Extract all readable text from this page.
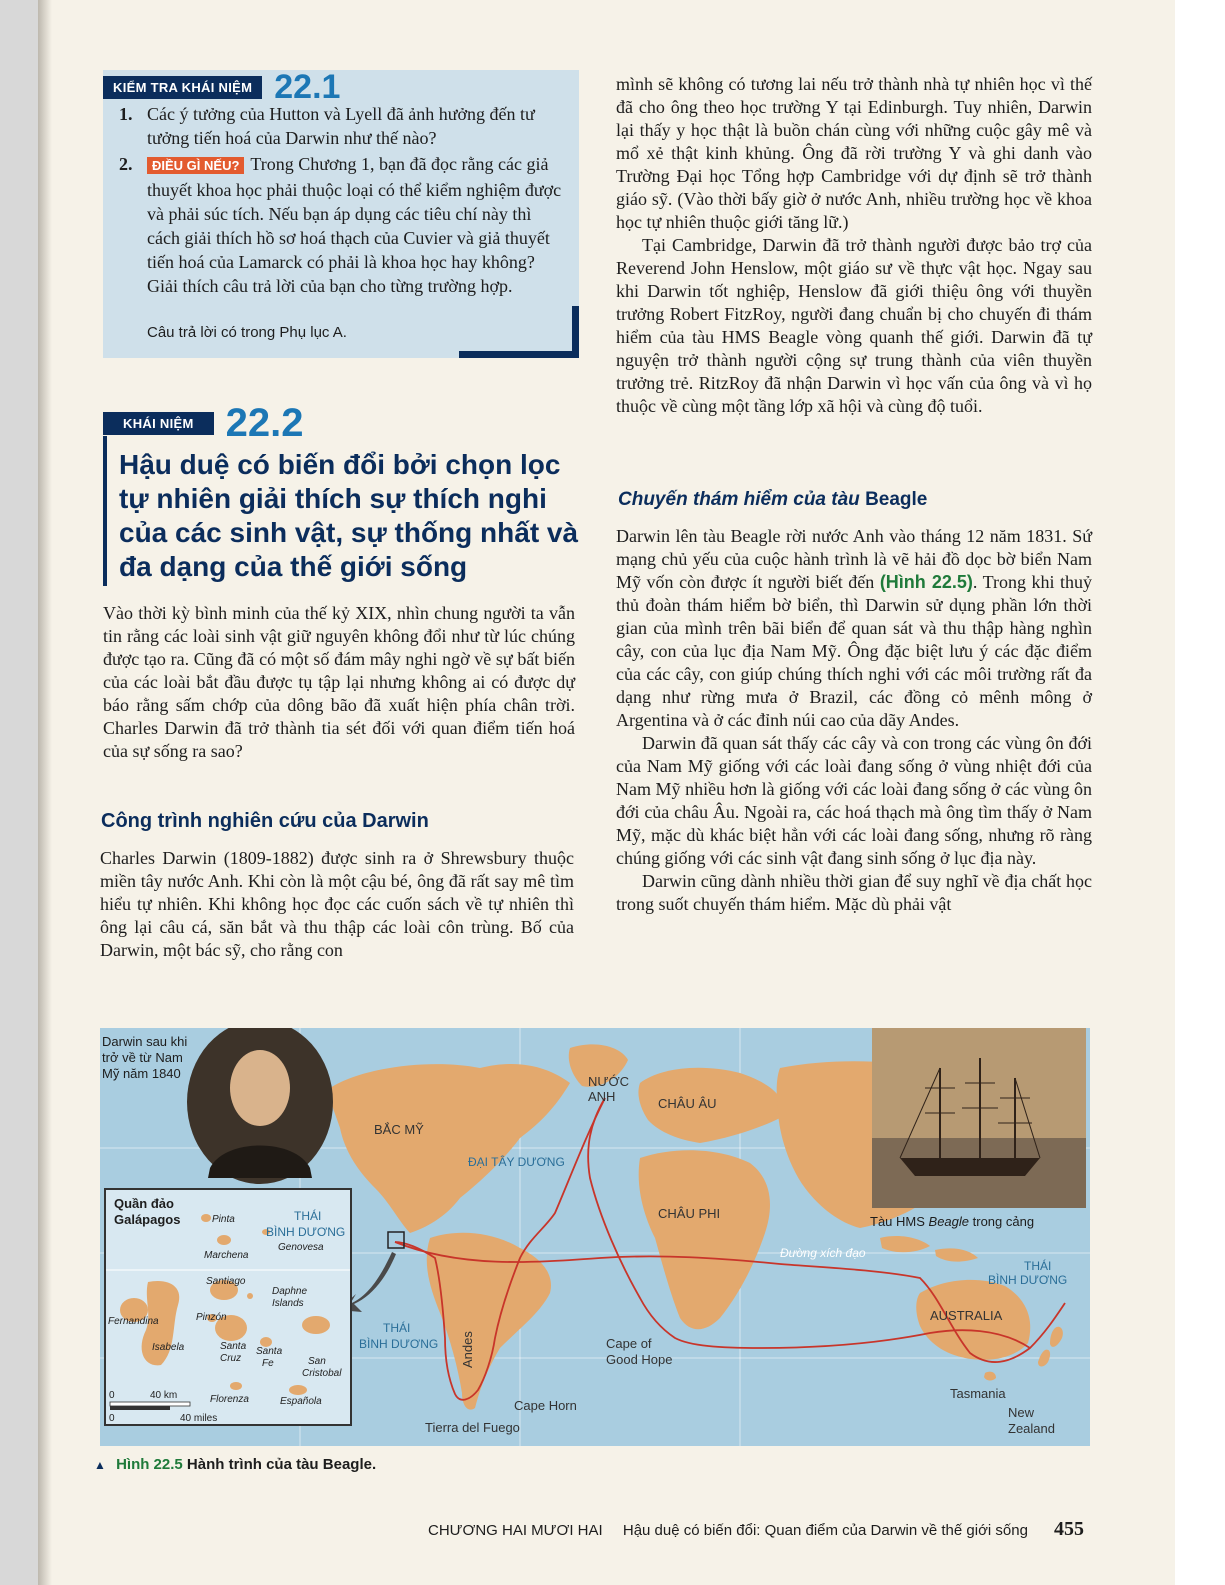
KIỂM TRA KHÁI NIỆM 22.1
1. Các ý tưởng của Hutton và Lyell đã ảnh hưởng đến tư tưởng tiến hoá của Darwin như thế nào?
2.	ĐIỀU GÌ NẾU? Trong Chương 1, bạn đã đọc rằng các giả thuyết khoa học phải thuộc loại có thể kiểm nghiệm được và phải súc tích. Nếu bạn áp dụng các tiêu chí này thì cách giải thích hồ sơ hoá thạch của Cuvier và giả thuyết tiến hoá của Lamarck có phải là khoa học hay không? Giải thích câu trả lời của bạn cho từng trường hợp.
Câu trả lời có trong Phụ lục A.
KHÁI NIỆM 22.2
Hậu duệ có biến đổi bởi chọn lọc tự nhiên giải thích sự thích nghi của các sinh vật, sự thống nhất và đa dạng của thế giới sống

Vào thời kỳ bình minh của thế kỷ XIX, nhìn chung người ta vẫn tin rằng các loài sinh vật giữ nguyên không đổi như từ lúc chúng được tạo ra. Cũng đã có một số đám mây nghi ngờ về sự bất biến của các loài bắt đầu được tụ tập lại nhưng không ai có được dự báo rằng sấm chớp của dông bão đã xuất hiện phía chân trời. Charles Darwin đã trở thành tia sét đối với quan điểm tiến hoá của sự sống ra sao?

Công trình nghiên cứu của Darwin

Charles Darwin (1809-1882) được sinh ra ở Shrewsbury thuộc miền tây nước Anh. Khi còn là một cậu bé, ông đã rất say mê tìm hiểu tự nhiên. Khi không học đọc các cuốn sách về tự nhiên thì ông lại câu cá, săn bắt và thu thập các loài côn trùng. Bố của Darwin, một bác sỹ, cho rằng con

mình sẽ không có tương lai nếu trở thành nhà tự nhiên học vì thế đã cho ông theo học trường Y tại Edinburgh. Tuy nhiên, Darwin lại thấy y học thật là buồn chán cùng với những cuộc gây mê và mổ xẻ thật kinh khủng. Ông đã rời trường Y và ghi danh vào Trường Đại học Tổng hợp Cambridge với dự định sẽ trở thành giáo sỹ. (Vào thời bấy giờ ở nước Anh, nhiều trường học về khoa học tự nhiên thuộc giới tăng lữ.)

Tại Cambridge, Darwin đã trở thành người được bảo trợ của Reverend John Henslow, một giáo sư về thực vật học. Ngay sau khi Darwin tốt nghiệp, Henslow đã giới thiệu ông với thuyền trưởng Robert FitzRoy, người đang chuẩn bị cho chuyến đi thám hiểm của tàu HMS Beagle vòng quanh thế giới. Darwin đã tự nguyện trở thành người cộng sự trung thành của viên thuyền trưởng trẻ. RitzRoy đã nhận Darwin vì học vấn của ông và vì họ thuộc về cùng một tầng lớp xã hội và cùng độ tuổi.

Chuyến thám hiểm của tàu Beagle

Darwin lên tàu Beagle rời nước Anh vào tháng 12 năm 1831. Sứ mạng chủ yếu của cuộc hành trình là vẽ hải đồ dọc bờ biển Nam Mỹ vốn còn được ít người biết đến (Hình 22.5). Trong khi thuỷ thủ đoàn thám hiểm bờ biển, thì Darwin sử dụng phần lớn thời gian của mình trên bãi biển để quan sát và thu thập hàng nghìn cây, con của lục địa Nam Mỹ. Ông đặc biệt lưu ý các đặc điểm của các cây, con giúp chúng thích nghi với các môi trường rất đa dạng như rừng mưa ở Brazil, các đồng cỏ mênh mông ở Argentina và ở các đỉnh núi cao của dãy Andes.

Darwin đã quan sát thấy các cây và con trong các vùng ôn đới của Nam Mỹ giống với các loài đang sống ở vùng nhiệt đới của Nam Mỹ nhiều hơn là giống với các loài đang sống ở các vùng ôn đới của châu Âu. Ngoài ra, các hoá thạch mà ông tìm thấy ở Nam Mỹ, mặc dù khác biệt hẳn với các loài đang sống, nhưng rõ ràng chúng giống với các sinh vật đang sinh sống ở lục địa này.

Darwin cũng dành nhiều thời gian để suy nghĩ về địa chất học trong suốt chuyến thám hiểm. Mặc dù phải vật

BẮC MỸ
NƯỚC
ANH	CHÂU ÂU
ĐẠI TÂY DƯƠNG
CHÂU PHI
Đường xích đạo
THÁI
BÌNH DƯƠNG
THÁI
BÌNH DƯƠNG Andes	Cape of
Good Hope
Cape Horn
Tierra del Fuego
AUSTRALIA
Tasmania
New
Zealand
Darwin sau khi trở về từ Nam Mỹ năm 1840
Tàu HMS Beagle trong cảng
THÁI
BÌNH DƯƠNG
Pinta
Genovesa
Marchena
Santiago
Daphne
Islands
Fernandina	Pinzón
Isabela	Santa
Cruz
Santa
Fe	San
Cristobal
Florenza	Española
0	40 km
0	40 miles
Quần đảo
Galápagos
▲ Hình 22.5 Hành trình của tàu Beagle.
CHƯƠNG HAI MƯƠI HAI Hậu duệ có biến đổi: Quan điểm của Darwin về thế giới sống 455
